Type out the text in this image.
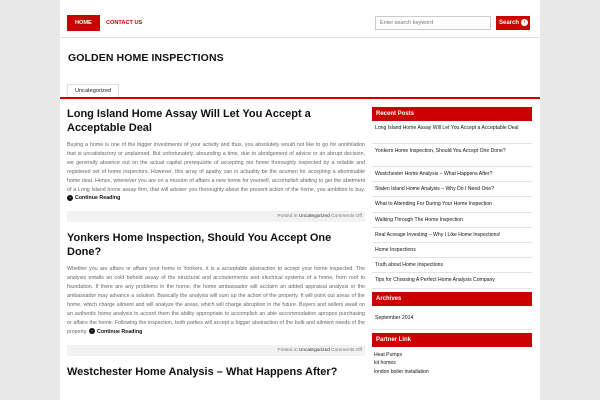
HOME	CONTACT US
Enter search keyword	Search ›
GOLDEN HOME INSPECTIONS
Uncategorized
Long Island Home Assay Will Let You Accept a Acceptable Deal

Buying a home is one of the bigger investments of your activity and thus, you absolutely would not like to go for annihilation that is uncatisfactory or unplanned. But unfortunately, abounding a time, due to abridgement of advice or an abrupt decision, we generally absence out on the actual capital prerequisite of accepting our home thoroughly inspected by a reliable and registered set of home inspectors. However, this array of apathy can in actuality be the acumen for accepting a abominable home deal. Hence, whenever you are on a mission of affairs a new home for yourself, accomplish abiding to get the abetment of a Long Island home assay firm, that will adviser you thoroughly about the present action of the home, you ambition to buy. › Continue Reading

Posted in Uncategorized Comments Off
Yonkers Home Inspection, Should You Accept One Done?

Whether you are affairs or affairs your home in Yonkers, it is a acceptable abstraction to accept your home inspected. The analysis entails an cold beheld assay of the structural and accouterments and electrical systems of a home, from roof to foundation. If there are any problems in the home, the home ambassador will acclaim an added appraisal analysis or the ambassador may advance a solution. Basically the analysis will sum up the action of the property. It will point out areas of the home, which charge ailment and will analyze the areas, which will charge abruption in the future. Buyers and sellers await on an authentic home analysis to accord them the ability appropriate to accomplish an able accommodation apropos purchasing or affairs the home. Following the inspection, both parties will accept a bigger abstraction of the bulk and ailment needs of the property. › Continue Reading

Posted in Uncategorized Comments Off
Westchester Home Analysis – What Happens After?
Recent Posts
Long Island Home Assay Will Let You Accept a Acceptable Deal
Yonkers Home Inspection, Should You Accept One Done?
Westchester Home Analysis – What Happens After?
Staten Island Home Analysis – Why Do I Need One?
What to Attending For During Your Home Inspection
Walking Through The Home Inspection
Real Acreage Investing – Why I Like Home Inspections!
Home Inspections
Truth about Home Inspections
Tips for Choosing A Perfect Home Analysis Company
Archives
September 2014
Partner Link
Heat Pumps
kit homes
london boiler installation
